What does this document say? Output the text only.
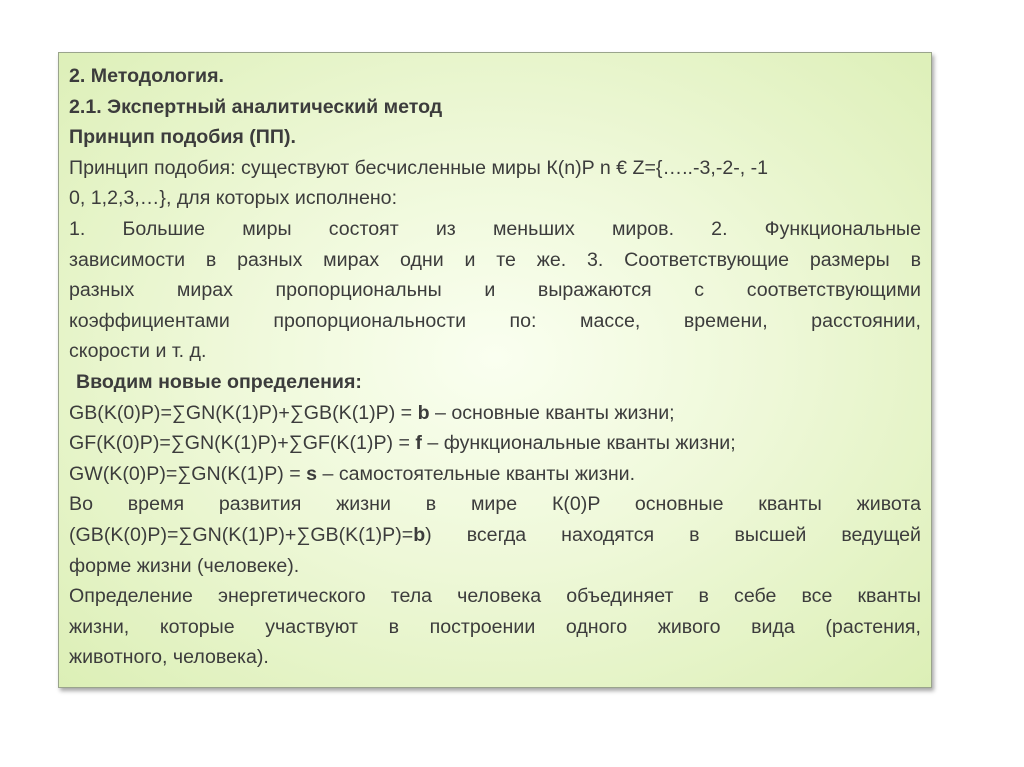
2. Методология.
2.1. Экспертный аналитический метод
Принцип подобия (ПП).
Принцип подобия: существуют бесчисленные миры К(n)P n € Z={…..-3,-2-, -1
0, 1,2,3,…}, для которых исполнено:
1. Большие миры состоят из меньших миров. 2. Функциональные
зависимости в разных мирах одни и те же. 3. Соответствующие размеры в
разных мирах пропорциональны и выражаются с соответствующими
коэффициентами пропорциональности по: массе, времени, расстоянии,
скорости и т. д.
Вводим новые определения:
GB(K(0)P)=∑GN(K(1)P)+∑GB(K(1)P) = b – основные кванты жизни;
GF(K(0)P)=∑GN(K(1)P)+∑GF(K(1)P) = f – функциональные кванты жизни;
GW(K(0)P)=∑GN(K(1)P) = s – самостоятельные кванты жизни.
Во время развития жизни в мире К(0)P основные кванты живота
(GB(K(0)P)=∑GN(K(1)P)+∑GB(K(1)P)=b) всегда находятся в высшей ведущей
форме жизни (человеке).
Определение энергетического тела человека объединяет в себе все кванты
жизни, которые участвуют в построении одного живого вида (растения,
животного, человека).
